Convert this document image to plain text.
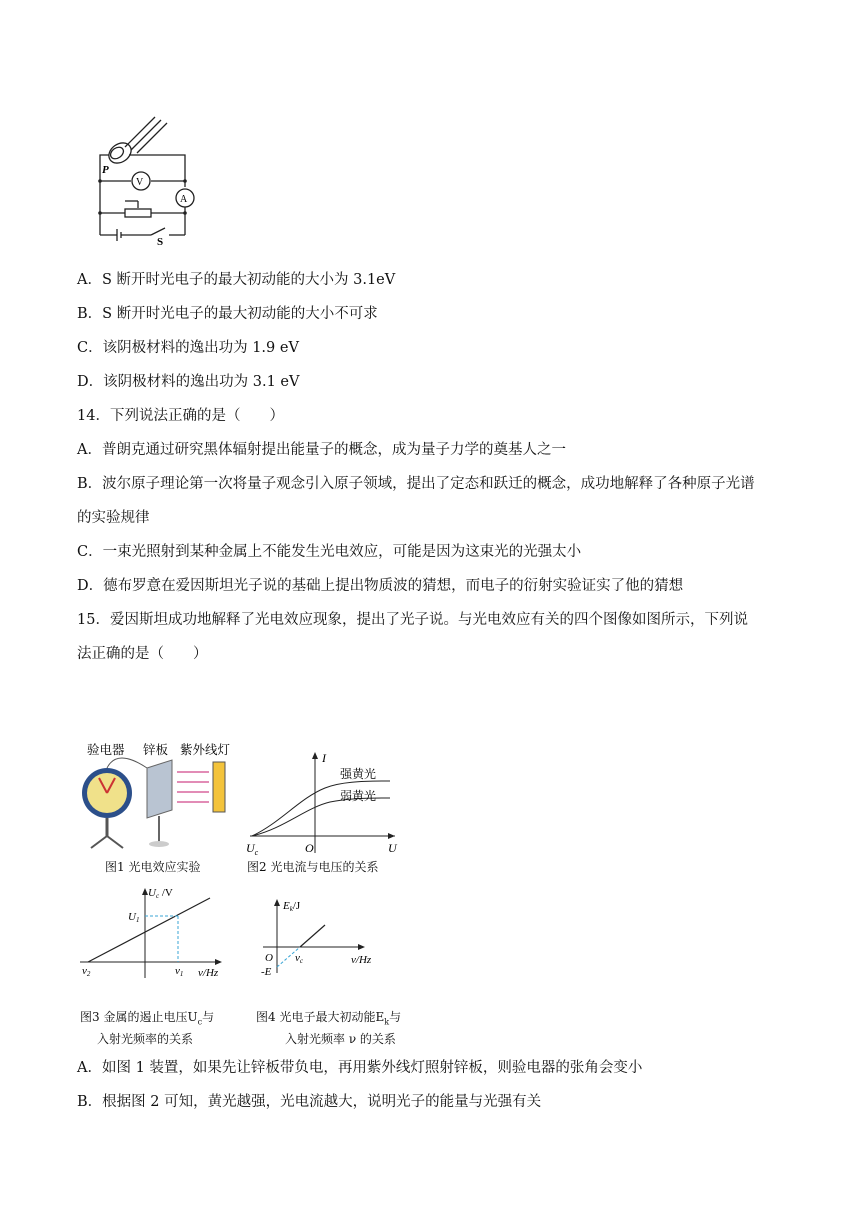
P
V
A
S
A．S 断开时光电子的最大初动能的大小为 3.1eV
B．S 断开时光电子的最大初动能的大小不可求
C．该阴极材料的逸出功为 1.9 eV
D．该阴极材料的逸出功为 3.1 eV
14．下列说法正确的是（　　）
A．普朗克通过研究黑体辐射提出能量子的概念，成为量子力学的奠基人之一
B．波尔原子理论第一次将量子观念引入原子领域，提出了定态和跃迁的概念，成功地解释了各种原子光谱
的实验规律
C．一束光照射到某种金属上不能发生光电效应，可能是因为这束光的光强太小
D．德布罗意在爱因斯坦光子说的基础上提出物质波的猜想，而电子的衍射实验证实了他的猜想
15．爱因斯坦成功地解释了光电效应现象，提出了光子说。与光电效应有关的四个图像如图所示，下列说
法正确的是（　　）
验电器 锌板 紫外线灯
图1 光电效应实验
I
强黄光
弱黄光
U
$U_c$	O
图2 光电流与电压的关系
Uc /V
U1
ν1
ν2	ν/Hz
Ek/J
O
-E
νc	ν/Hz
图3 金属的遏止电压$U_c$与
入射光频率的关系
图4 光电子最大初动能$E_k$与
入射光频率 ν 的关系
A．如图 1 装置，如果先让锌板带负电，再用紫外线灯照射锌板，则验电器的张角会变小
B．根据图 2 可知，黄光越强，光电流越大，说明光子的能量与光强有关
